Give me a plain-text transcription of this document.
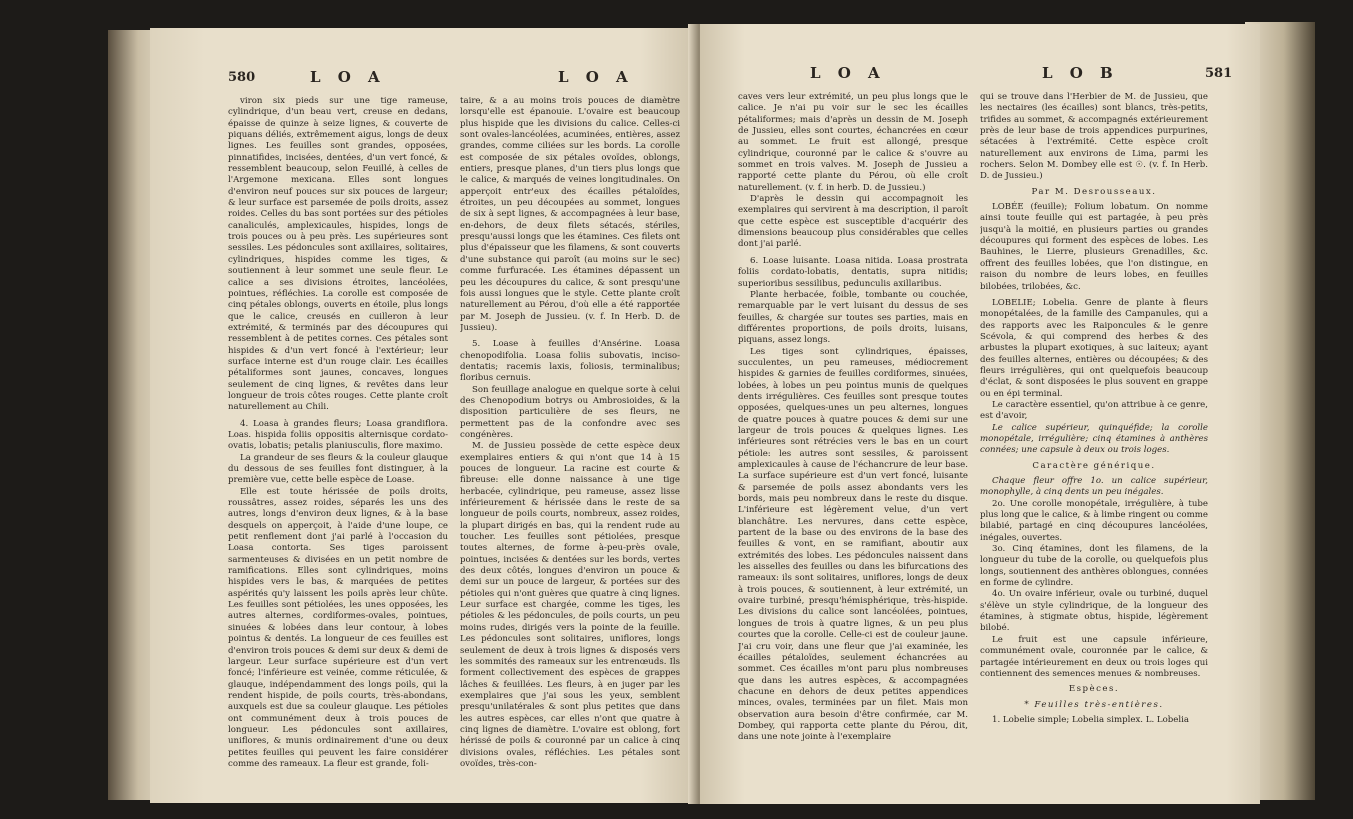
580	L O A	L O A

viron six pieds sur une tige rameuse, cylindrique, d'un beau vert, creuse en dedans, épaisse de quinze à seize lignes, & couverte de piquans déliés, extrêmement aigus, longs de deux lignes. Les feuilles sont grandes, opposées, pinnatifides, incisées, dentées, d'un vert foncé, & ressemblent beaucoup, selon Feuillé, à celles de l'Argemone mexicana. Elles sont longues d'environ neuf pouces sur six pouces de largeur; & leur surface est parsemée de poils droits, assez roides. Celles du bas sont portées sur des pétioles canaliculés, amplexicaules, hispides, longs de trois pouces ou à peu près. Les supérieures sont sessiles. Les pédoncules sont axillaires, solitaires, cylindriques, hispides comme les tiges, & soutiennent à leur sommet une seule fleur. Le calice a ses divisions étroites, lancéolées, pointues, réfléchies. La corolle est composée de cinq pétales oblongs, ouverts en étoile, plus longs que le calice, creusés en cuilleron à leur extrémité, & terminés par des découpures qui ressemblent à de petites cornes. Ces pétales sont hispides & d'un vert foncé à l'extérieur; leur surface interne est d'un rouge clair. Les écailles pétaliformes sont jaunes, concaves, longues seulement de cinq lignes, & revêtes dans leur longueur de trois côtes rouges. Cette plante croît naturellement au Chili.

4. Loasa à grandes fleurs; Loasa grandiflora. Loas. hispida foliis oppositis alternisque cordato-ovatis, lobatis; petalis planiusculis, flore maximo.

La grandeur de ses fleurs & la couleur glauque du dessous de ses feuilles font distinguer, à la première vue, cette belle espèce de Loase.

Elle est toute hérissée de poils droits, roussâtres, assez roides, séparés les uns des autres, longs d'environ deux lignes, & à la base desquels on apperçoit, à l'aide d'une loupe, ce petit renflement dont j'ai parlé à l'occasion du Loasa contorta. Ses tiges paroissent sarmenteuses & divisées en un petit nombre de ramifications. Elles sont cylindriques, moins hispides vers le bas, & marquées de petites aspérités qu'y laissent les poils après leur chûte. Les feuilles sont pétiolées, les unes opposées, les autres alternes, cordiformes-ovales, pointues, sinuées & lobées dans leur contour, à lobes pointus & dentés. La longueur de ces feuilles est d'environ trois pouces & demi sur deux & demi de largeur. Leur surface supérieure est d'un vert foncé; l'inférieure est veinée, comme réticulée, & glauque, indépendamment des longs poils, qui la rendent hispide, de poils courts, très-abondans, auxquels est due sa couleur glauque. Les pétioles ont communément deux à trois pouces de longueur. Les pédoncules sont axillaires, uniflores, & munis ordinairement d'une ou deux petites feuilles qui peuvent les faire considérer comme des rameaux. La fleur est grande, foli-

taire, & a au moins trois pouces de diamètre lorsqu'elle est épanouie. L'ovaire est beaucoup plus hispide que les divisions du calice. Celles-ci sont ovales-lancéolées, acuminées, entières, assez grandes, comme ciliées sur les bords. La corolle est composée de six pétales ovoïdes, oblongs, entiers, presque planes, d'un tiers plus longs que le calice, & marqués de veines longitudinales. On apperçoit entr'eux des écailles pétaloïdes, étroites, un peu découpées au sommet, longues de six à sept lignes, & accompagnées à leur base, en-dehors, de deux filets sétacés, stériles, presqu'aussi longs que les étamines. Ces filets ont plus d'épaisseur que les filamens, & sont couverts d'une substance qui paroît (au moins sur le sec) comme furfuracée. Les étamines dépassent un peu les découpures du calice, & sont presqu'une fois aussi longues que le style. Cette plante croît naturellement au Pérou, d'où elle a été rapportée par M. Joseph de Jussieu. (v. f. In Herb. D. de Jussieu).

5. Loase à feuilles d'Ansérine. Loasa chenopodifolia. Loasa foliis subovatis, inciso-dentatis; racemis laxis, foliosis, terminalibus; floribus cernuis.

Son feuillage analogue en quelque sorte à celui des Chenopodium botrys ou Ambrosioides, & la disposition particulière de ses fleurs, ne permettent pas de la confondre avec ses congénères.

M. de Jussieu possède de cette espèce deux exemplaires entiers & qui n'ont que 14 à 15 pouces de longueur. La racine est courte & fibreuse: elle donne naissance à une tige herbacée, cylindrique, peu rameuse, assez lisse inférieurement & hérissée dans le reste de sa longueur de poils courts, nombreux, assez roides, la plupart dirigés en bas, qui la rendent rude au toucher. Les feuilles sont pétiolées, presque toutes alternes, de forme à-peu-près ovale, pointues, incisées & dentées sur les bords, vertes des deux côtés, longues d'environ un pouce & demi sur un pouce de largeur, & portées sur des pétioles qui n'ont guères que quatre à cinq lignes. Leur surface est chargée, comme les tiges, les pétioles & les pédoncules, de poils courts, un peu moins rudes, dirigés vers la pointe de la feuille. Les pédoncules sont solitaires, uniflores, longs seulement de deux à trois lignes & disposés vers les sommités des rameaux sur les entrenœuds. Ils forment collectivement des espèces de grappes lâches & feuillées. Les fleurs, à en juger par les exemplaires que j'ai sous les yeux, semblent presqu'unilatérales & sont plus petites que dans les autres espèces, car elles n'ont que quatre à cinq lignes de diamètre. L'ovaire est oblong, fort hérissé de poils & couronné par un calice à cinq divisions ovales, réfléchies. Les pétales sont ovoïdes, très-con-

L O A	L O B	581

caves vers leur extrémité, un peu plus longs que le calice. Je n'ai pu voir sur le sec les écailles pétaliformes; mais d'après un dessin de M. Joseph de Jussieu, elles sont courtes, échancrées en cœur au sommet. Le fruit est allongé, presque cylindrique, couronné par le calice & s'ouvre au sommet en trois valves. M. Joseph de Jussieu a rapporté cette plante du Pérou, où elle croît naturellement. (v. f. in herb. D. de Jussieu.)

D'après le dessin qui accompagnoit les exemplaires qui servirent à ma description, il paroît que cette espèce est susceptible d'acquérir des dimensions beaucoup plus considérables que celles dont j'ai parlé.

6. Loase luisante. Loasa nitida. Loasa prostrata foliis cordato-lobatis, dentatis, supra nitidis; superioribus sessilibus, pedunculis axillaribus.

Plante herbacée, foible, tombante ou couchée, remarquable par le vert luisant du dessus de ses feuilles, & chargée sur toutes ses parties, mais en différentes proportions, de poils droits, luisans, piquans, assez longs.

Les tiges sont cylindriques, épaisses, succulentes, un peu rameuses, médiocrement hispides & garnies de feuilles cordiformes, sinuées, lobées, à lobes un peu pointus munis de quelques dents irrégulières. Ces feuilles sont presque toutes opposées, quelques-unes un peu alternes, longues de quatre pouces à quatre pouces & demi sur une largeur de trois pouces & quelques lignes. Les inférieures sont rétrécies vers le bas en un court pétiole: les autres sont sessiles, & paroissent amplexicaules à cause de l'échancrure de leur base. La surface supérieure est d'un vert foncé, luisante & parsemée de poils assez abondants vers les bords, mais peu nombreux dans le reste du disque. L'inférieure est légèrement velue, d'un vert blanchâtre. Les nervures, dans cette espèce, partent de la base ou des environs de la base des feuilles & vont, en se ramifiant, aboutir aux extrémités des lobes. Les pédoncules naissent dans les aisselles des feuilles ou dans les bifurcations des rameaux: ils sont solitaires, uniflores, longs de deux à trois pouces, & soutiennent, à leur extrémité, un ovaire turbiné, presqu'hémisphérique, très-hispide. Les divisions du calice sont lancéolées, pointues, longues de trois à quatre lignes, & un peu plus courtes que la corolle. Celle-ci est de couleur jaune. J'ai cru voir, dans une fleur que j'ai examinée, les écailles pétaloïdes, seulement échancrées au sommet. Ces écailles m'ont paru plus nombreuses que dans les autres espèces, & accompagnées chacune en dehors de deux petites appendices minces, ovales, terminées par un filet. Mais mon observation aura besoin d'être confirmée, car M. Dombey, qui rapporta cette plante du Pérou, dit, dans une note jointe à l'exemplaire

qui se trouve dans l'Herbier de M. de Jussieu, que les nectaires (les écailles) sont blancs, très-petits, trifides au sommet, & accompagnés extérieurement près de leur base de trois appendices purpurines, sétacées à l'extrémité. Cette espèce croît naturellement aux environs de Lima, parmi les rochers. Selon M. Dombey elle est ☉. (v. f. In Herb. D. de Jussieu.)

Par M. Desrousseaux.

LOBÉE (feuille); Folium lobatum. On nomme ainsi toute feuille qui est partagée, à peu près jusqu'à la moitié, en plusieurs parties ou grandes découpures qui forment des espèces de lobes. Les Bauhines, le Lierre, plusieurs Grenadilles, &c. offrent des feuilles lobées, que l'on distingue, en raison du nombre de leurs lobes, en feuilles bilobées, trilobées, &c.

LOBELIE; Lobelia. Genre de plante à fleurs monopétalées, de la famille des Campanules, qui a des rapports avec les Raiponcules & le genre Scévola, & qui comprend des herbes & des arbustes la plupart exotiques, à suc laiteux; ayant des feuilles alternes, entières ou découpées; & des fleurs irrégulières, qui ont quelquefois beaucoup d'éclat, & sont disposées le plus souvent en grappe ou en épi terminal.

Le caractère essentiel, qu'on attribue à ce genre, est d'avoir,

Le calice supérieur, quinquéfide; la corolle monopétale, irrégulière; cinq étamines à anthères connées; une capsule à deux ou trois loges.

Caractère générique.

Chaque fleur offre 1o. un calice supérieur, monophylle, à cinq dents un peu inégales.

2o. Une corolle monopétale, irrégulière, à tube plus long que le calice, & à limbe ringent ou comme bilabié, partagé en cinq découpures lancéolées, inégales, ouvertes.

3o. Cinq étamines, dont les filamens, de la longueur du tube de la corolle, ou quelquefois plus longs, soutiennent des anthères oblongues, connées en forme de cylindre.

4o. Un ovaire inférieur, ovale ou turbiné, duquel s'élève un style cylindrique, de la longueur des étamines, à stigmate obtus, hispide, légèrement bilobé.

Le fruit est une capsule inférieure, communément ovale, couronnée par le calice, & partagée intérieurement en deux ou trois loges qui contiennent des semences menues & nombreuses.

Espèces.

* Feuilles très-entières.

1. Lobelie simple; Lobelia simplex. L. Lobelia
